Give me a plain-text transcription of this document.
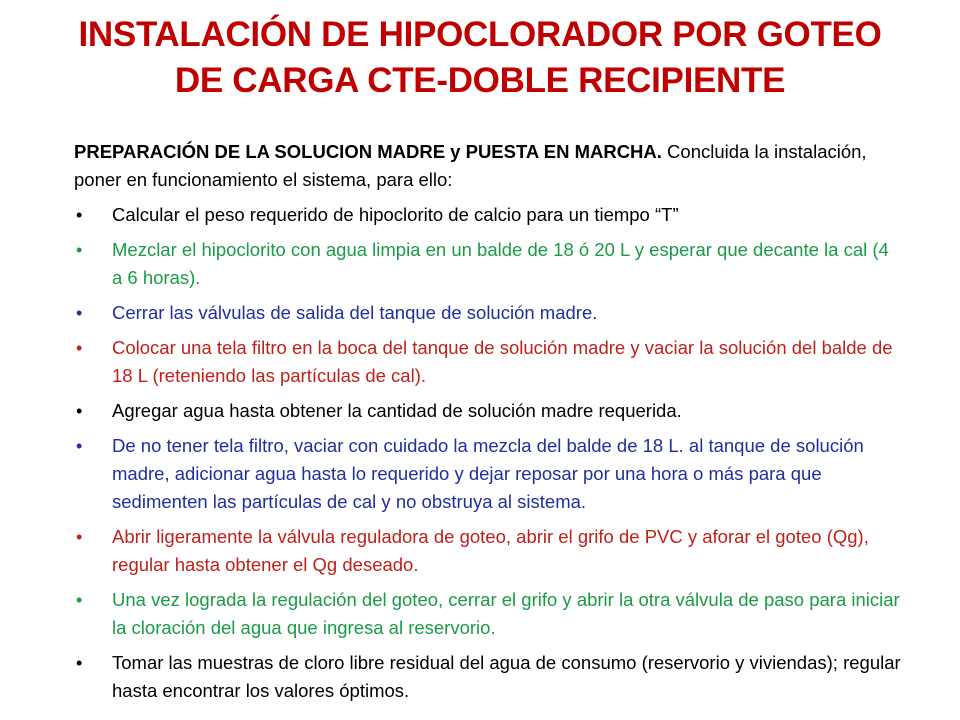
INSTALACIÓN DE HIPOCLORADOR POR GOTEO
DE CARGA CTE-DOBLE RECIPIENTE

PREPARACIÓN DE LA SOLUCION MADRE y PUESTA EN MARCHA. Concluida la instalación, poner en funcionamiento el sistema, para ello:

• Calcular el peso requerido de hipoclorito de calcio para un tiempo “T”
• Mezclar el hipoclorito con agua limpia en un balde de 18 ó 20 L y esperar que decante la cal (4 a 6 horas).
• Cerrar las válvulas de salida del tanque de solución madre.
• Colocar una tela filtro en la boca del tanque de solución madre y vaciar la solución del balde de 18 L (reteniendo las partículas de cal).
• Agregar agua hasta obtener la cantidad de solución madre requerida.
• De no tener tela filtro, vaciar con cuidado la mezcla del balde de 18 L. al tanque de solución madre, adicionar agua hasta lo requerido y dejar reposar por una hora o más para que sedimenten las partículas de cal y no obstruya al sistema.
• Abrir ligeramente la válvula reguladora de goteo, abrir el grifo de PVC y aforar el goteo (Qg), regular hasta obtener el Qg deseado.
• Una vez lograda la regulación del goteo, cerrar el grifo y abrir la otra válvula de paso para iniciar la cloración del agua que ingresa al reservorio.
• Tomar las muestras de cloro libre residual del agua de consumo (reservorio y viviendas); regular hasta encontrar los valores óptimos.
